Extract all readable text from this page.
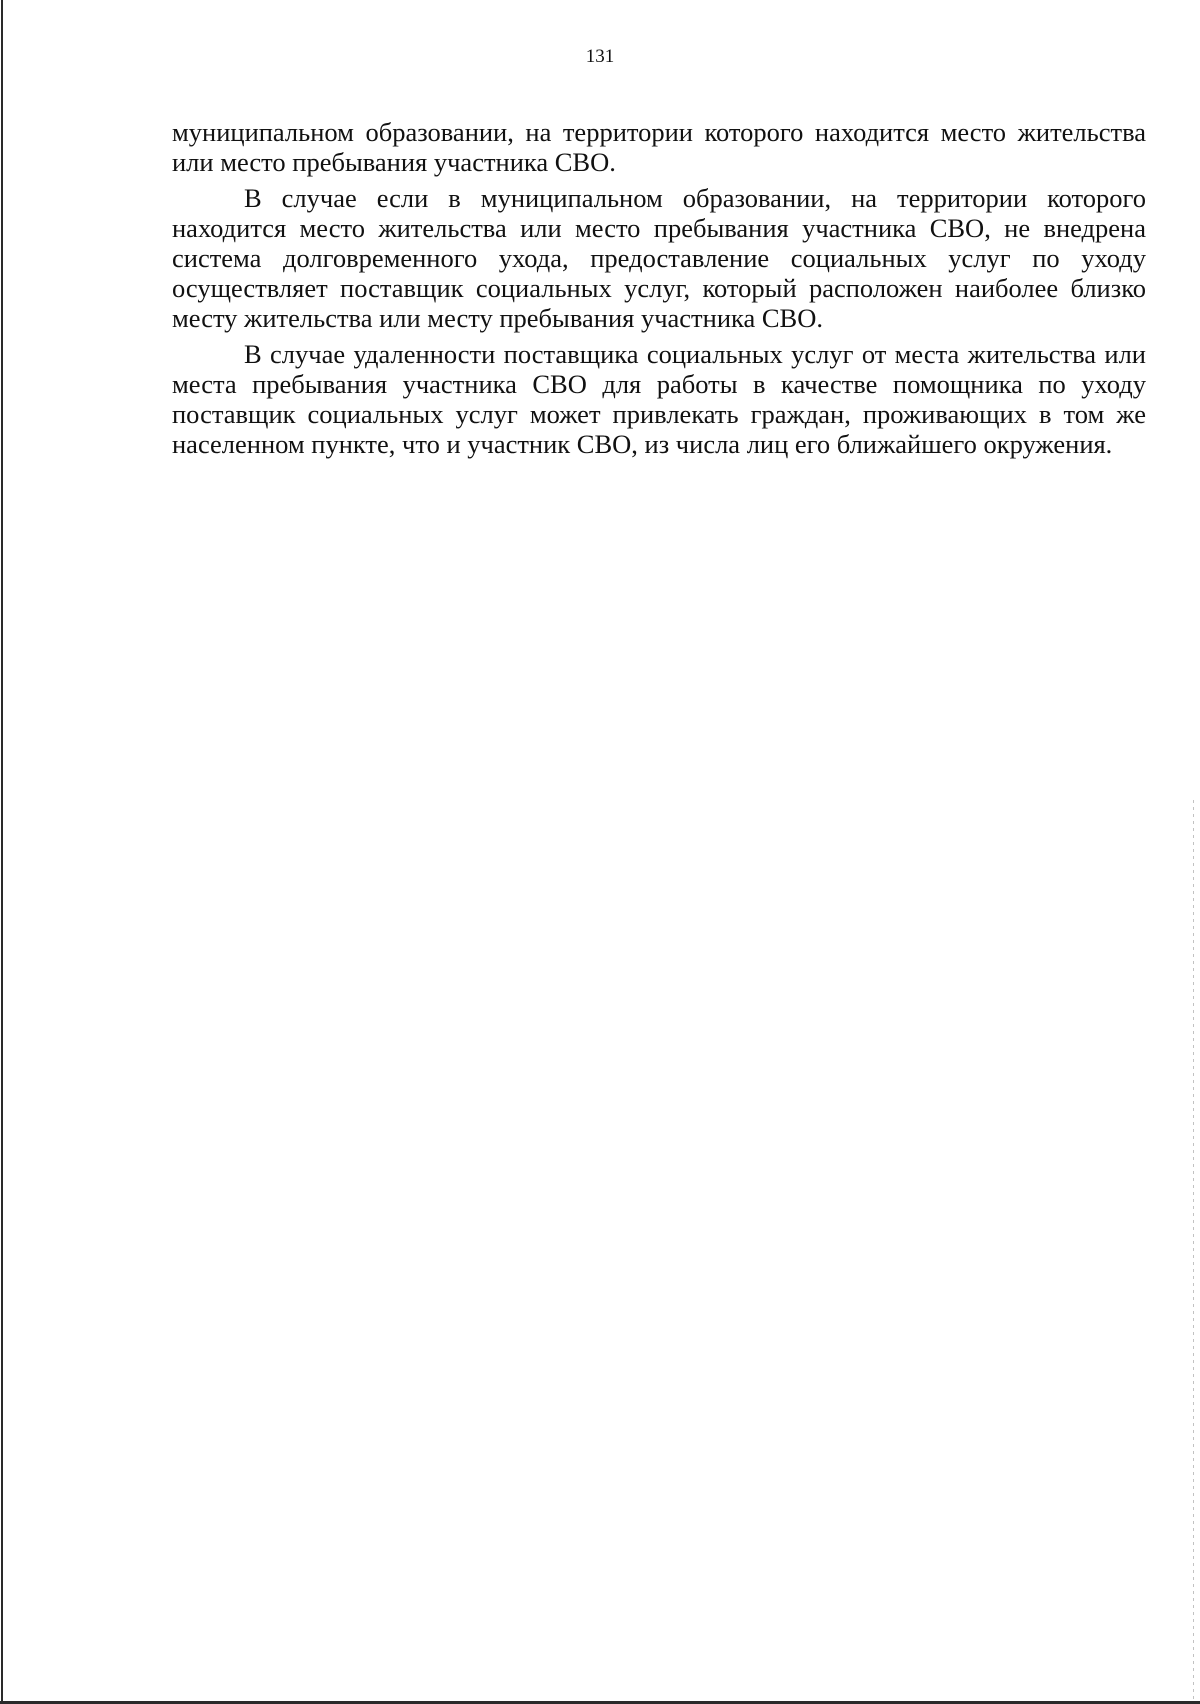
131

муниципальном образовании, на территории которого находится место жительства или место пребывания участника СВО.

В случае если в муниципальном образовании, на территории которого находится место жительства или место пребывания участника СВО, не внедрена система долговременного ухода, предоставление социальных услуг по уходу осуществляет поставщик социальных услуг, который расположен наиболее близко месту жительства или месту пребывания участника СВО.

В случае удаленности поставщика социальных услуг от места жительства или места пребывания участника СВО для работы в качестве помощника по уходу поставщик социальных услуг может привлекать граждан, проживающих в том же населенном пункте, что и участник СВО, из числа лиц его ближайшего окружения.
